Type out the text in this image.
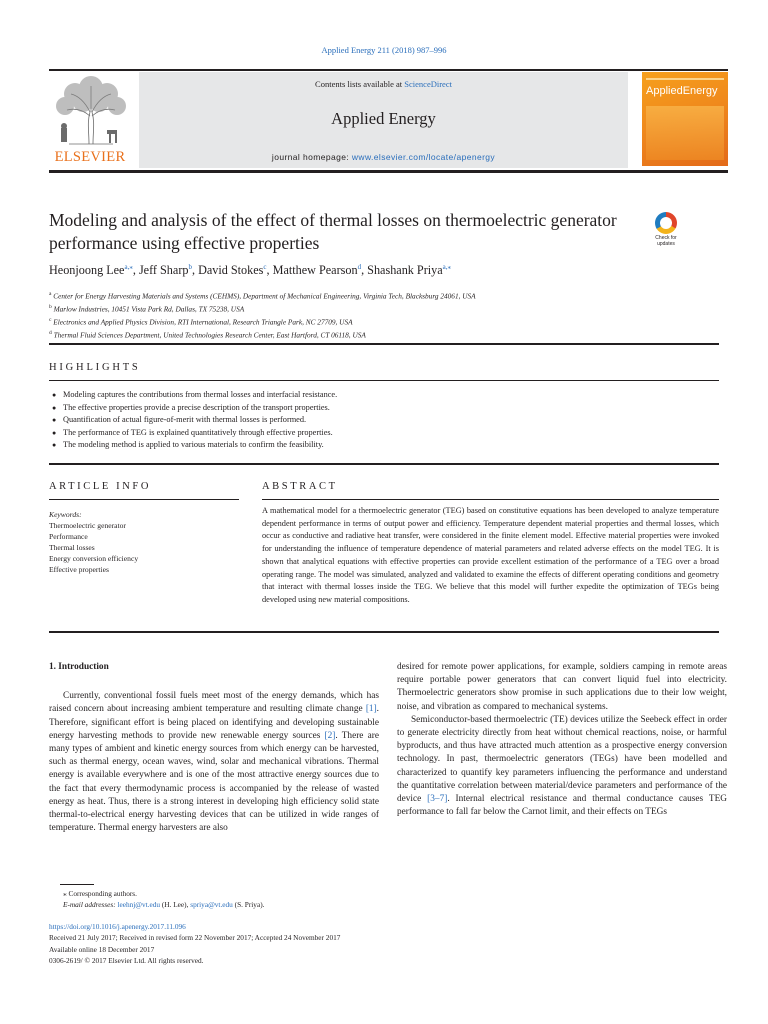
Applied Energy 211 (2018) 987–996
ELSEVIER
Contents lists available at ScienceDirect
Applied Energy
journal homepage: www.elsevier.com/locate/apenergy
AppliedEnergy
Modeling and analysis of the effect of thermal losses on thermoelectric generator performance using effective properties	Check for
updates
Heonjoong Lee$^{a,⁎}$, Jeff Sharp$^b$, David Stokes$^c$, Matthew Pearson$^d$, Shashank Priya$^{a,⁎}$
$^a$ Center for Energy Harvesting Materials and Systems (CEHMS), Department of Mechanical Engineering, Virginia Tech, Blacksburg 24061, USA
$^b$ Marlow Industries, 10451 Vista Park Rd, Dallas, TX 75238, USA
$^c$ Electronics and Applied Physics Division, RTI International, Research Triangle Park, NC 27709, USA
$^d$ Thermal Fluid Sciences Department, United Technologies Research Center, East Hartford, CT 06118, USA
HIGHLIGHTS
● Modeling captures the contributions from thermal losses and interfacial resistance.
● The effective properties provide a precise description of the transport properties.
● Quantification of actual figure-of-merit with thermal losses is performed.
● The performance of TEG is explained quantitatively through effective properties.
● The modeling method is applied to various materials to confirm the feasibility.
ARTICLE INFO	ABSTRACT
Keywords:
Thermoelectric generator
Performance
Thermal losses
Energy conversion efficiency
Effective properties
A mathematical model for a thermoelectric generator (TEG) based on constitutive equations has been developed to analyze temperature dependent performance in terms of output power and efficiency. Temperature dependent material properties and thermal losses, which occur as conductive and radiative heat transfer, were considered in the finite element model. Effective material properties were invoked for understanding the influence of temperature dependence of material parameters and related adverse effects on the model TEG. It is shown that analytical equations with effective properties can provide excellent estimation of the performance of a TEG over a broad operating range. The model was simulated, analyzed and validated to examine the effects of different operating conditions and geometry that interact with thermal losses inside the TEG. We believe that this model will further expedite the optimization of TEGs being developed using new material compositions.
1. Introduction

Currently, conventional fossil fuels meet most of the energy demands, which has raised concern about increasing ambient temperature and resulting climate change [1]. Therefore, significant effort is being placed on identifying and developing sustainable energy harvesting methods to provide new renewable energy sources [2]. There are many types of ambient and kinetic energy sources from which energy can be harvested, such as thermal energy, ocean waves, wind, solar and mechanical vibrations. Thermal energy is available everywhere and is one of the most attractive energy sources due to the fact that every thermodynamic process is accompanied by the release of wasted energy as heat. Thus, there is a strong interest in developing high efficiency solid state thermal-to-electrical energy harvesting devices that can be utilized in wide ranges of temperature. Thermal energy harvesters are also

desired for remote power applications, for example, soldiers camping in remote areas require portable power generators that can convert liquid fuel into electricity. Thermoelectric generators show promise in such applications due to their low weight, noise, and vibration as compared to mechanical systems.

Semiconductor-based thermoelectric (TE) devices utilize the Seebeck effect in order to generate electricity directly from heat without chemical reactions, noise, or harmful byproducts, and thus have attracted much attention as a prospective energy conversion technology. In past, thermoelectric generators (TEGs) have been modelled and characterized to quantify key parameters influencing the performance and understand the quantitative correlation between material/device parameters and performance of the device [3–7]. Internal electrical resistance and thermal conductance causes TEG performance to fall far below the Carnot limit, and their effects on TEGs

⁎ Corresponding authors.
E-mail addresses: leehnj@vt.edu (H. Lee), spriya@vt.edu (S. Priya).
https://doi.org/10.1016/j.apenergy.2017.11.096
Received 21 July 2017; Received in revised form 22 November 2017; Accepted 24 November 2017
Available online 18 December 2017
0306-2619/ © 2017 Elsevier Ltd. All rights reserved.
